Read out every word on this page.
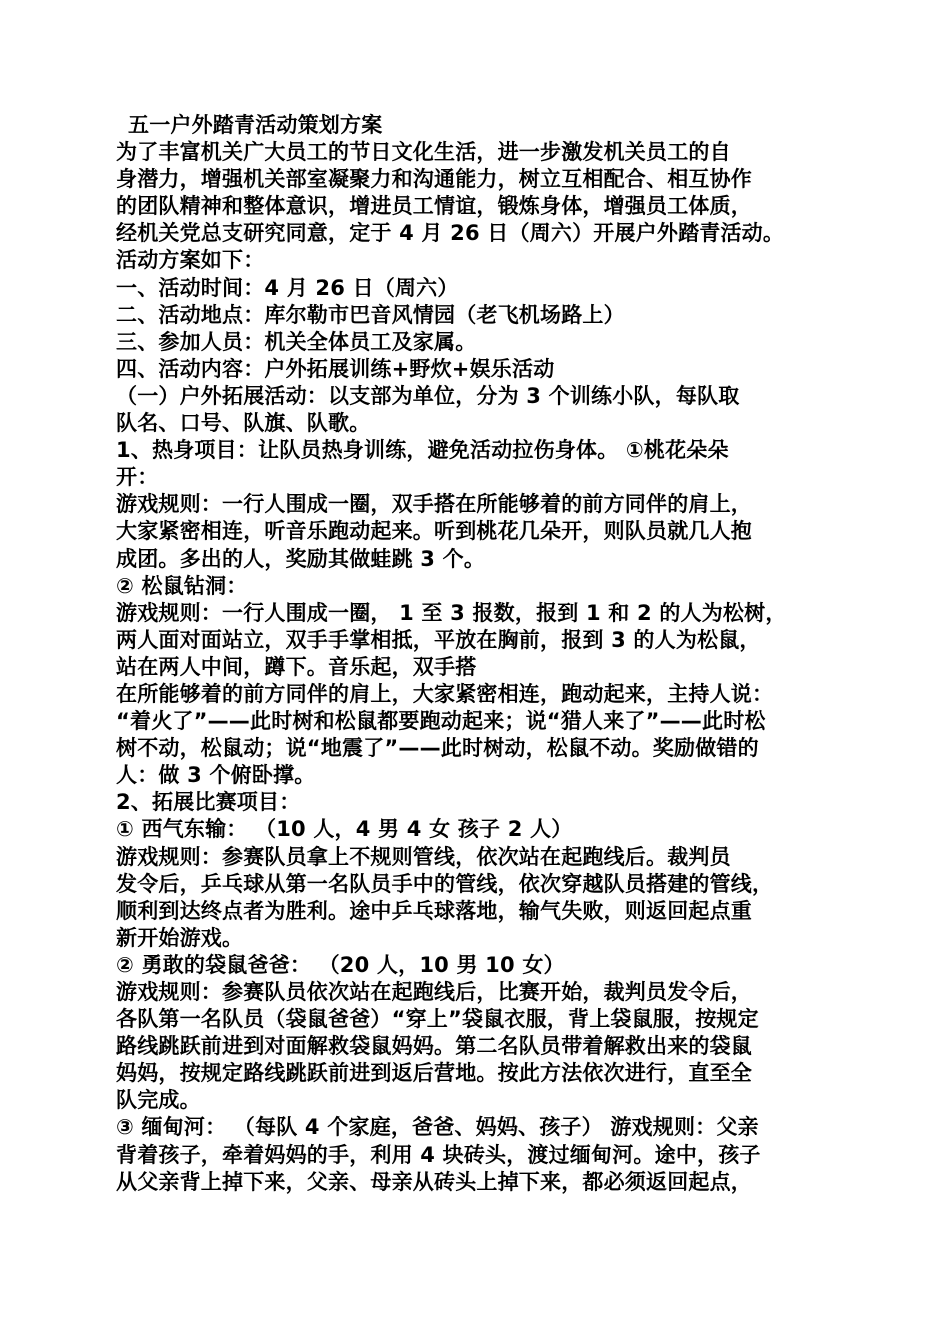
五一户外踏青活动策划方案
为了丰富机关广大员工的节日文化生活，进一步激发机关员工的自
身潜力，增强机关部室凝聚力和沟通能力，树立互相配合、相互协作
的团队精神和整体意识，增进员工情谊，锻炼身体，增强员工体质，
经机关党总支研究同意，定于 4 月 26 日（周六）开展户外踏青活动。
活动方案如下：
一、活动时间：4 月 26 日（周六）
二、活动地点：库尔勒市巴音风情园（老飞机场路上）
三、参加人员：机关全体员工及家属。
四、活动内容：户外拓展训练+野炊+娱乐活动
（一）户外拓展活动：以支部为单位，分为 3 个训练小队，每队取
队名、口号、队旗、队歌。
1、热身项目：让队员热身训练，避免活动拉伤身体。 ①桃花朵朵
开：
游戏规则：一行人围成一圈，双手搭在所能够着的前方同伴的肩上，
大家紧密相连，听音乐跑动起来。听到桃花几朵开，则队员就几人抱
成团。多出的人，奖励其做蛙跳 3 个。
② 松鼠钻洞：
游戏规则：一行人围成一圈， 1 至 3 报数，报到 1 和 2 的人为松树，
两人面对面站立，双手手掌相抵，平放在胸前，报到 3 的人为松鼠，
站在两人中间，蹲下。音乐起，双手搭
在所能够着的前方同伴的肩上，大家紧密相连，跑动起来，主持人说：
“着火了”——此时树和松鼠都要跑动起来；说“猎人来了”——此时松
树不动，松鼠动；说“地震了”——此时树动，松鼠不动。奖励做错的
人：做 3 个俯卧撑。
2、拓展比赛项目：
① 西气东输： （10 人，4 男 4 女 孩子 2 人）
游戏规则：参赛队员拿上不规则管线，依次站在起跑线后。裁判员
发令后，乒乓球从第一名队员手中的管线，依次穿越队员搭建的管线，
顺利到达终点者为胜利。途中乒乓球落地，输气失败，则返回起点重
新开始游戏。
② 勇敢的袋鼠爸爸： （20 人，10 男 10 女）
游戏规则：参赛队员依次站在起跑线后，比赛开始，裁判员发令后，
各队第一名队员（袋鼠爸爸）“穿上”袋鼠衣服，背上袋鼠服，按规定
路线跳跃前进到对面解救袋鼠妈妈。第二名队员带着解救出来的袋鼠
妈妈，按规定路线跳跃前进到返后营地。按此方法依次进行，直至全
队完成。
③ 缅甸河： （每队 4 个家庭，爸爸、妈妈、孩子） 游戏规则：父亲
背着孩子，牵着妈妈的手，利用 4 块砖头，渡过缅甸河。途中，孩子
从父亲背上掉下来，父亲、母亲从砖头上掉下来，都必须返回起点，
